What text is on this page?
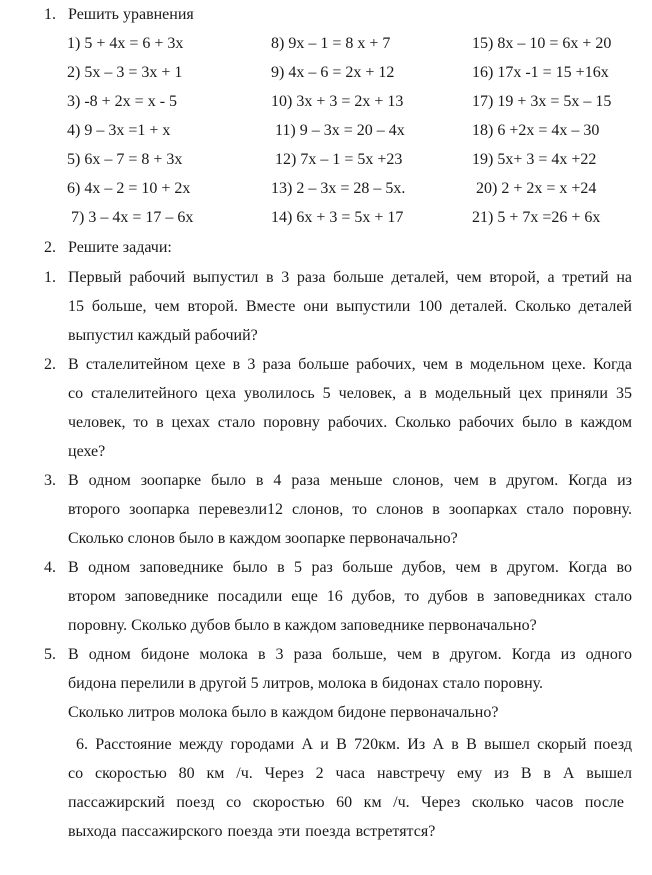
1. Решить уравнения
1) 5 + 4x = 6 + 3x
2) 5x – 3 = 3x + 1
3) -8 + 2x = x - 5
4) 9 – 3x =1 + x
5) 6x – 7 = 8 + 3x
6) 4x – 2 = 10 + 2x
7) 3 – 4x = 17 – 6x
8) 9x – 1 = 8 x + 7
9) 4x – 6 = 2x + 12
10) 3x + 3 = 2x + 13
11) 9 – 3x = 20 – 4x
12) 7x – 1 = 5x +23
13) 2 – 3x = 28 – 5x.
14) 6x + 3 = 5x + 17
15) 8x – 10 = 6x + 20
16) 17x -1 = 15 +16x
17) 19 + 3x = 5x – 15
18) 6 +2x = 4x – 30
19) 5x+ 3 = 4x +22
20) 2 + 2x = x +24
21) 5 + 7x =26 + 6x
2. Решите задачи:
1. Первый рабочий выпустил в 3 раза больше деталей, чем второй, а третий на
15 больше, чем второй. Вместе они выпустили 100 деталей. Сколько деталей
выпустил каждый рабочий?
2. В сталелитейном цехе в 3 раза больше рабочих, чем в модельном цехе. Когда
со сталелитейного цеха уволилось 5 человек, а в модельный цех приняли 35
человек, то в цехах стало поровну рабочих. Сколько рабочих было в каждом
цехе?
3. В одном зоопарке было в 4 раза меньше слонов, чем в другом. Когда из
второго зоопарка перевезли12 слонов, то слонов в зоопарках стало поровну.
Сколько слонов было в каждом зоопарке первоначально?
4. В одном заповеднике было в 5 раз больше дубов, чем в другом. Когда во
втором заповеднике посадили еще 16 дубов, то дубов в заповедниках стало
поровну. Сколько дубов было в каждом заповеднике первоначально?
5. В одном бидоне молока в 3 раза больше, чем в другом. Когда из одного
бидона перелили в другой 5 литров, молока в бидонах стало поровну.
Сколько литров молока было в каждом бидоне первоначально?
6. Расстояние между городами А и В 720км. Из А в В вышел скорый поезд
со скоростью 80 км /ч. Через 2 часа навстречу ему из В в А вышел
пассажирский поезд со скоростью 60 км /ч. Через сколько часов после
выхода пассажирского поезда эти поезда встретятся?
